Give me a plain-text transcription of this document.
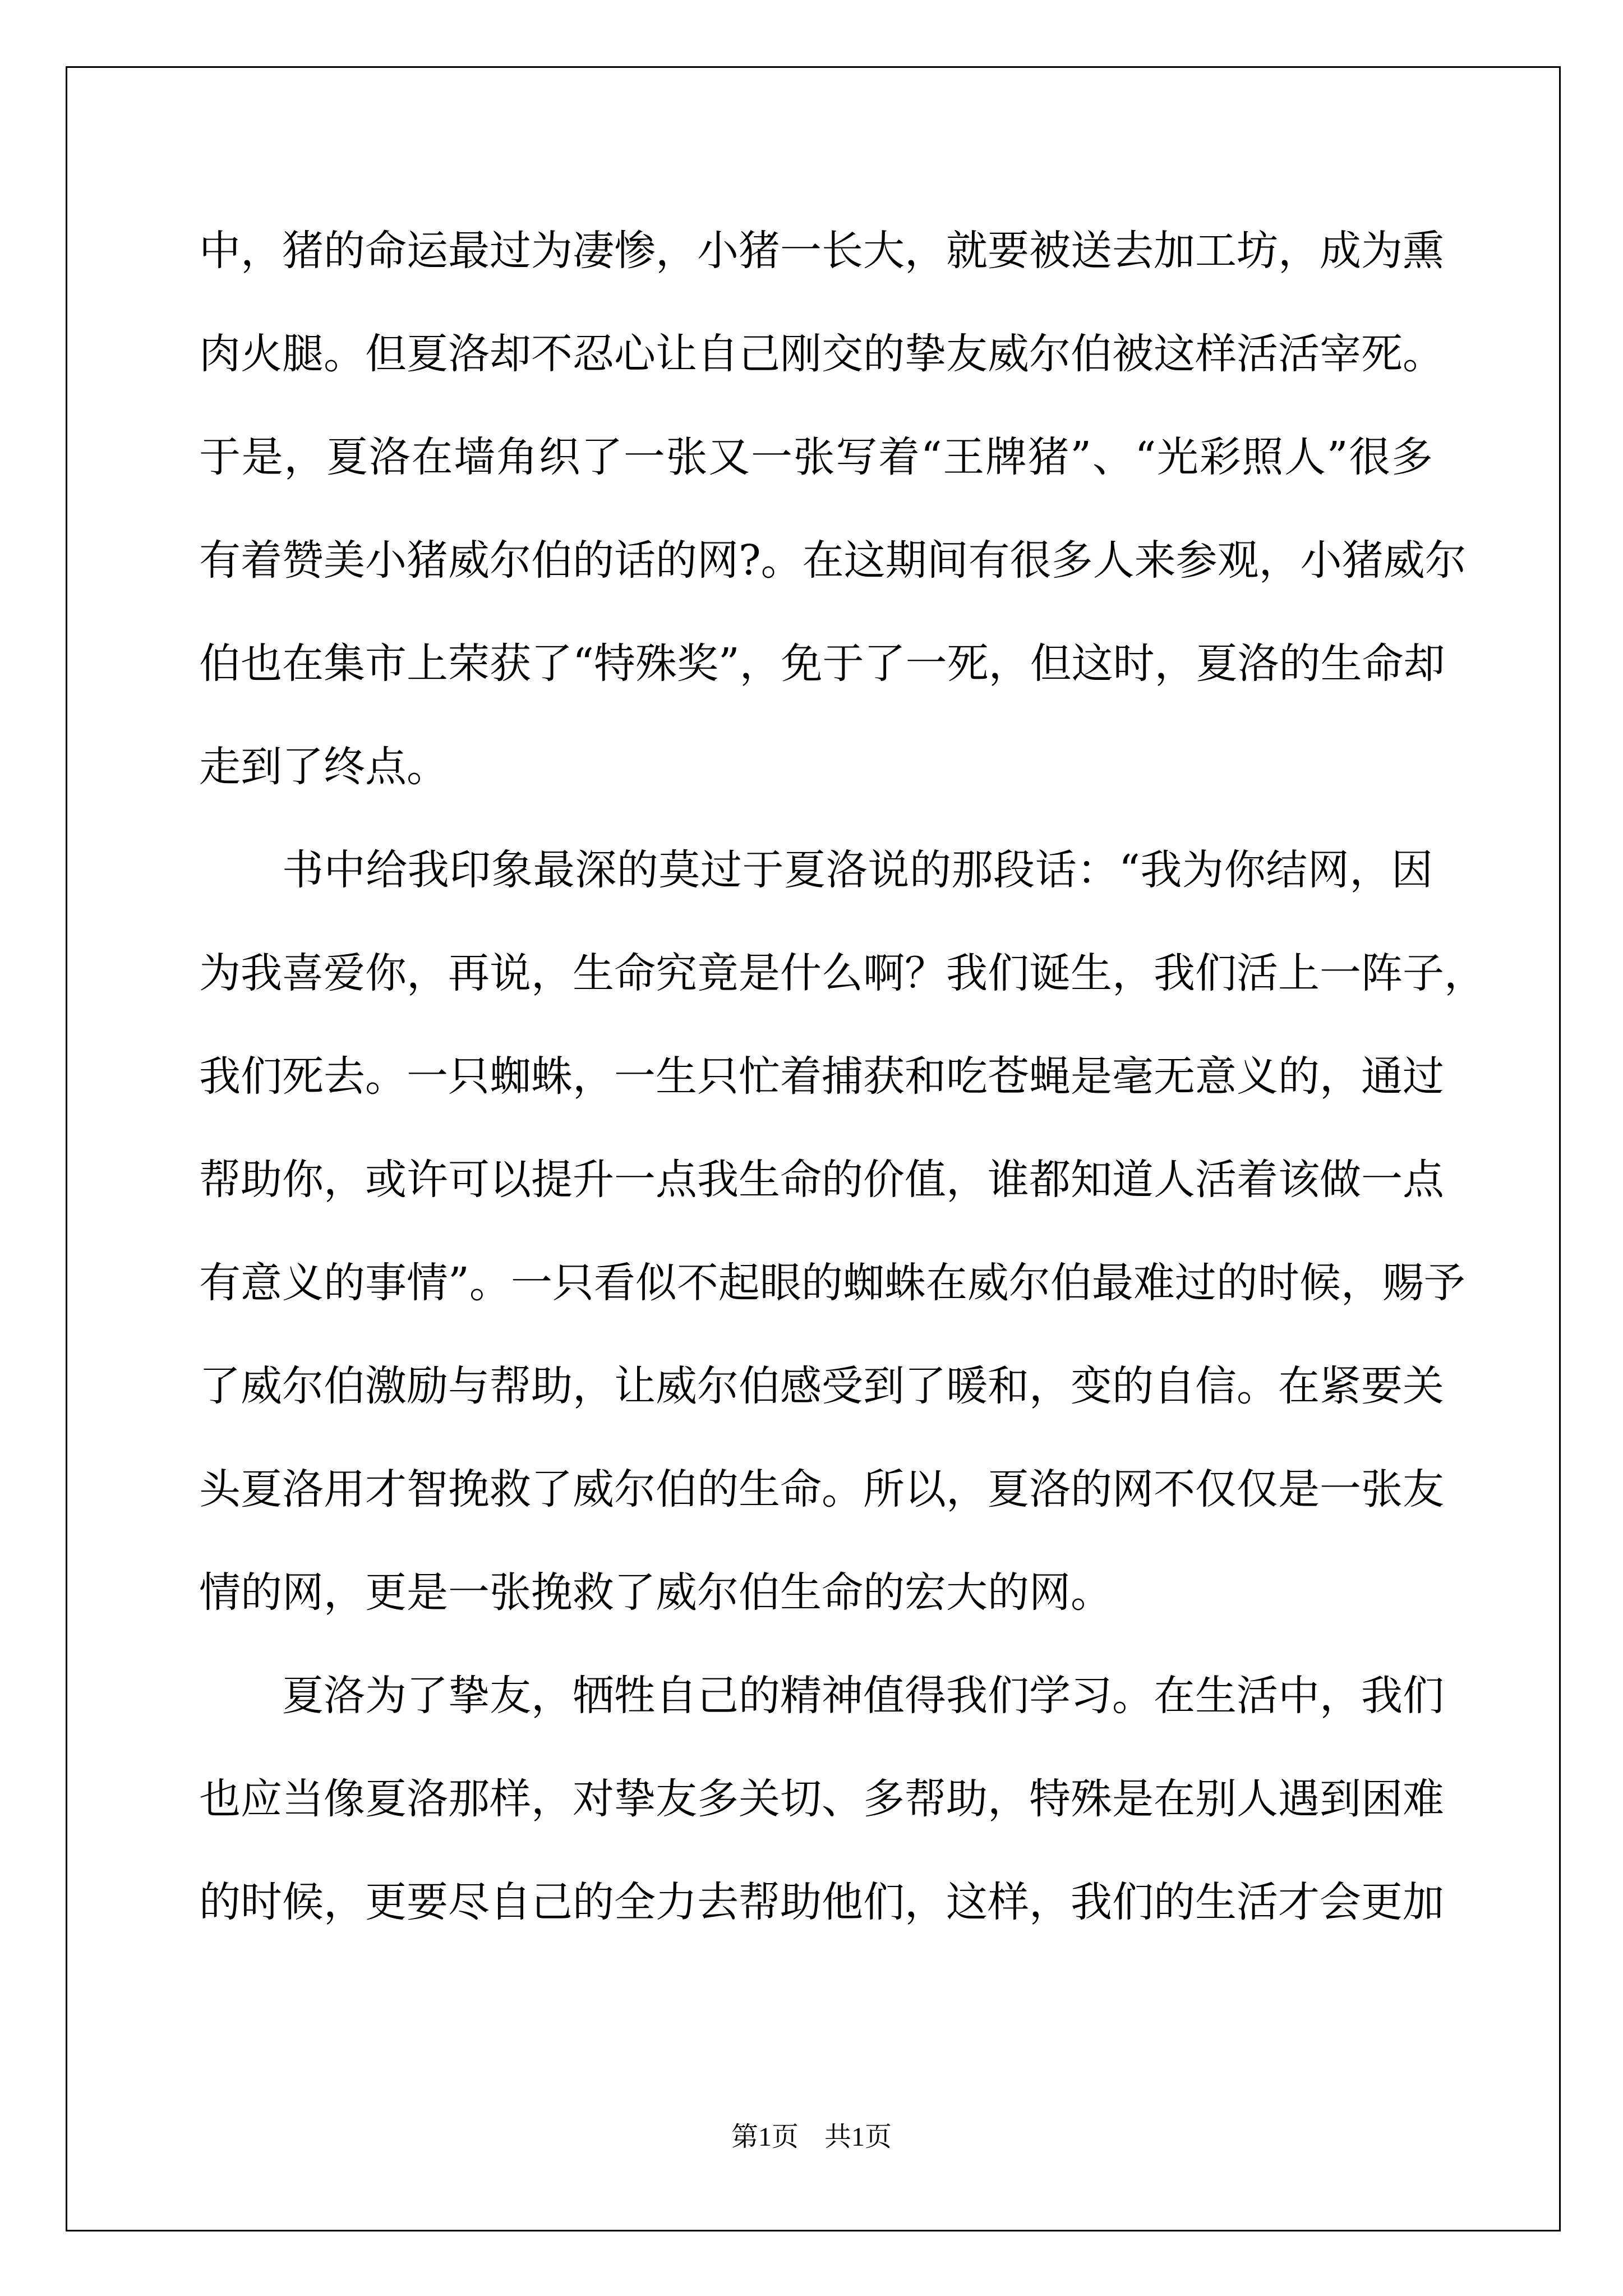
中，猪的命运最过为凄惨，小猪一长大，就要被送去加工坊，成为熏
肉火腿。但夏洛却不忍心让自己刚交的挚友威尔伯被这样活活宰死。
于是，夏洛在墙角织了一张又一张写着“王牌猪”、“光彩照人”很多
有着赞美小猪威尔伯的话的网?。在这期间有很多人来参观，小猪威尔
伯也在集市上荣获了“特殊奖”，免于了一死，但这时，夏洛的生命却
走到了终点。
书中给我印象最深的莫过于夏洛说的那段话：“我为你结网，因
为我喜爱你，再说，生命究竟是什么啊？我们诞生，我们活上一阵子，
我们死去。一只蜘蛛，一生只忙着捕获和吃苍蝇是毫无意义的，通过
帮助你，或许可以提升一点我生命的价值，谁都知道人活着该做一点
有意义的事情”。一只看似不起眼的蜘蛛在威尔伯最难过的时候，赐予
了威尔伯激励与帮助，让威尔伯感受到了暖和，变的自信。在紧要关
头夏洛用才智挽救了威尔伯的生命。所以，夏洛的网不仅仅是一张友
情的网，更是一张挽救了威尔伯生命的宏大的网。
夏洛为了挚友，牺牲自己的精神值得我们学习。在生活中，我们
也应当像夏洛那样，对挚友多关切、多帮助，特殊是在别人遇到困难
的时候，更要尽自己的全力去帮助他们，这样，我们的生活才会更加
第1页 共1页
